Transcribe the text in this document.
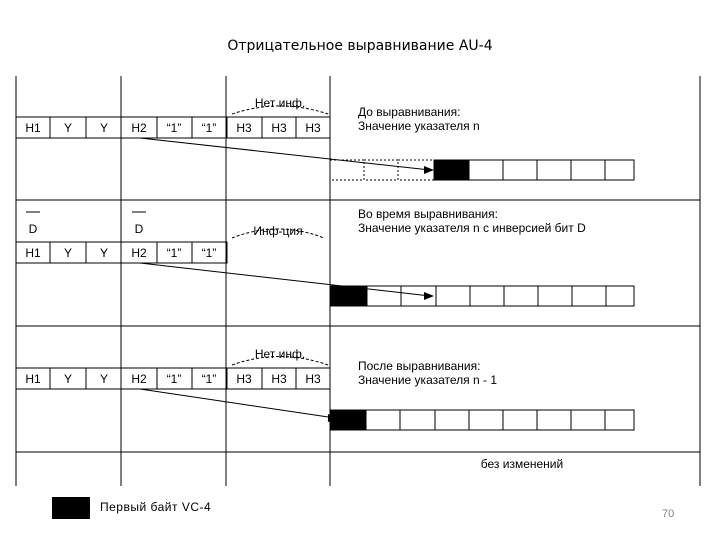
Отрицательное выравнивание AU-4
H1 Y Y H2 “1” “1” H3 H3 H3
Нет инф.
До выравнивания:
Значение указателя n
D	D
H1 Y Y H2 “1” “1”
Инф-ция
Во время выравнивания:
Значение указателя n с инверсией бит D
H1 Y Y H2 “1” “1” H3 H3 H3
Нет инф.
После выравнивания:
Значение указателя n - 1
без изменений
Первый байт VC-4	70
